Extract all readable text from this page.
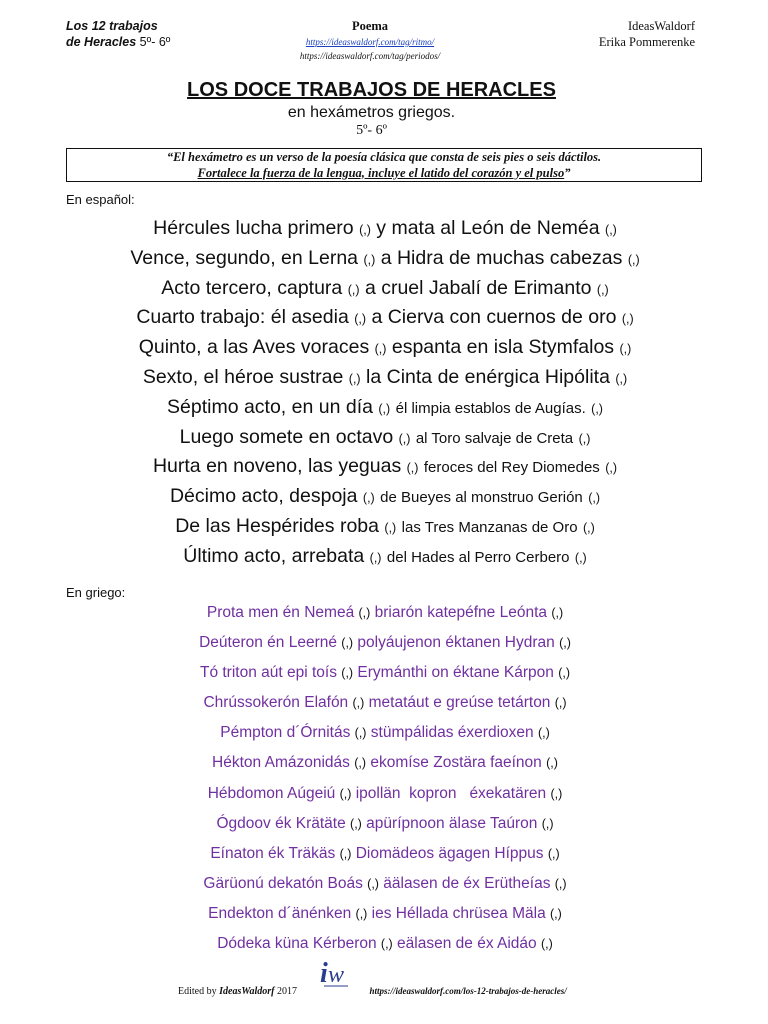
Los 12 trabajos
de Heracles 5º- 6º
Poema
https://ideaswaldorf.com/tag/ritmo/
https://ideaswaldorf.com/tag/periodos/
IdeasWaldorf
Erika Pommerenke
LOS DOCE TRABAJOS DE HERACLES
en hexámetros griegos.
5º- 6º
“El hexámetro es un verso de la poesía clásica que consta de seis pies o seis dáctilos.
Fortalece la fuerza de la lengua, incluye el latido del corazón y el pulso”
En español:
Hércules lucha primero (,) y mata al León de Neméa (,)
Vence, segundo, en Lerna (,) a Hidra de muchas cabezas (,)
Acto tercero, captura (,) a cruel Jabalí de Erimanto (,)
Cuarto trabajo: él asedia (,) a Cierva con cuernos de oro (,)
Quinto, a las Aves voraces (,) espanta en isla Stymfalos (,)
Sexto, el héroe sustrae (,) la Cinta de enérgica Hipólita (,)
Séptimo acto, en un día (,) él limpia establos de Augías. (,)
Luego somete en octavo (,) al Toro salvaje de Creta (,)
Hurta en noveno, las yeguas (,) feroces del Rey Diomedes (,)
Décimo acto, despoja (,) de Bueyes al monstruo Gerión (,)
De las Hespérides roba (,) las Tres Manzanas de Oro (,)
Último acto, arrebata (,) del Hades al Perro Cerbero (,)
En griego:
Prota men én Nemeá (,) briarón katepéfne Leónta (,)
Deúteron én Leerné (,) polyáujenon éktanen Hydran (,)
Tó triton aút epi toís (,) Erymánthi on éktane Kárpon (,)
Chrússokerón Elafón (,) metatáut e greúse tetárton (,)
Pémpton d´Órnitás (,) stümpálidas éxerdioxen (,)
Hékton Amázonidás (,) ekomíse Zostära faeínon (,)
Hébdomon Aúgeiú (,) ipollän  kopron   éxekatären (,)
Ógdoov ék Krätäte (,) apürípnoon älase Taúron (,)
Eínaton ék Träkäs (,) Diomädeos ägagen Híppus (,)
Gärüonú dekatón Boás (,) äälasen de éx Erütheías (,)
Endekton d´änénken (,) ies Héllada chrüsea Mäla (,)
Dódeka küna Kérberon (,) eälasen de éx Aidáo (,)
i w
Edited by IdeasWaldorf 2017	https://ideaswaldorf.com/los-12-trabajos-de-heracles/
